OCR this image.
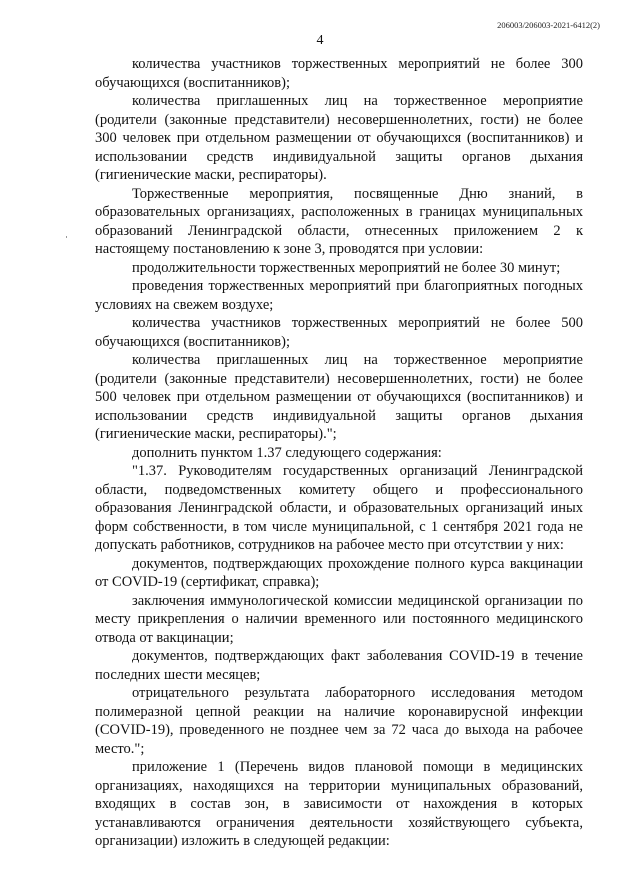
206003/206003-2021-6412(2)
4

количества участников торжественных мероприятий не более 300 обучающихся (воспитанников);

количества приглашенных лиц на торжественное мероприятие (родители (законные представители) несовершеннолетних, гости) не более 300 человек при отдельном размещении от обучающихся (воспитанников) и использовании средств индивидуальной защиты органов дыхания (гигиенические маски, респираторы).

Торжественные мероприятия, посвященные Дню знаний, в образовательных организациях, расположенных в границах муниципальных образований Ленинградской области, отнесенных приложением 2 к настоящему постановлению к зоне 3, проводятся при условии:

продолжительности торжественных мероприятий не более 30 минут;

проведения торжественных мероприятий при благоприятных погодных условиях на свежем воздухе;

количества участников торжественных мероприятий не более 500 обучающихся (воспитанников);

количества приглашенных лиц на торжественное мероприятие (родители (законные представители) несовершеннолетних, гости) не более 500 человек при отдельном размещении от обучающихся (воспитанников) и использовании средств индивидуальной защиты органов дыхания (гигиенические маски, респираторы).";

дополнить пунктом 1.37 следующего содержания:

"1.37. Руководителям государственных организаций Ленинградской области, подведомственных комитету общего и профессионального образования Ленинградской области, и образовательных организаций иных форм собственности, в том числе муниципальной, с 1 сентября 2021 года не допускать работников, сотрудников на рабочее место при отсутствии у них:

документов, подтверждающих прохождение полного курса вакцинации от COVID-19 (сертификат, справка);

заключения иммунологической комиссии медицинской организации по месту прикрепления о наличии временного или постоянного медицинского отвода от вакцинации;

документов, подтверждающих факт заболевания COVID-19 в течение последних шести месяцев;

отрицательного результата лабораторного исследования методом полимеразной цепной реакции на наличие коронавирусной инфекции (COVID-19), проведенного не позднее чем за 72 часа до выхода на рабочее место.";

приложение 1 (Перечень видов плановой помощи в медицинских организациях, находящихся на территории муниципальных образований, входящих в состав зон, в зависимости от нахождения в которых устанавливаются ограничения деятельности хозяйствующего субъекта, организации) изложить в следующей редакции:
